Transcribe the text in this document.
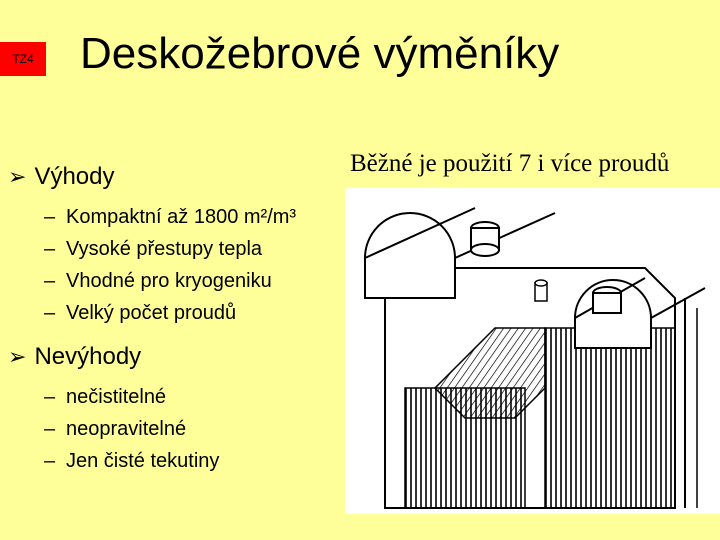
TZ4 Deskožebrové výměníky
Běžné je použití 7 i více proudů
➢ Výhody
– Kompaktní až 1800 m²/m³
– Vysoké přestupy tepla
– Vhodné pro kryogeniku
– Velký počet proudů
➢ Nevýhody
– nečistitelné
– neopravitelné
– Jen čisté tekutiny
